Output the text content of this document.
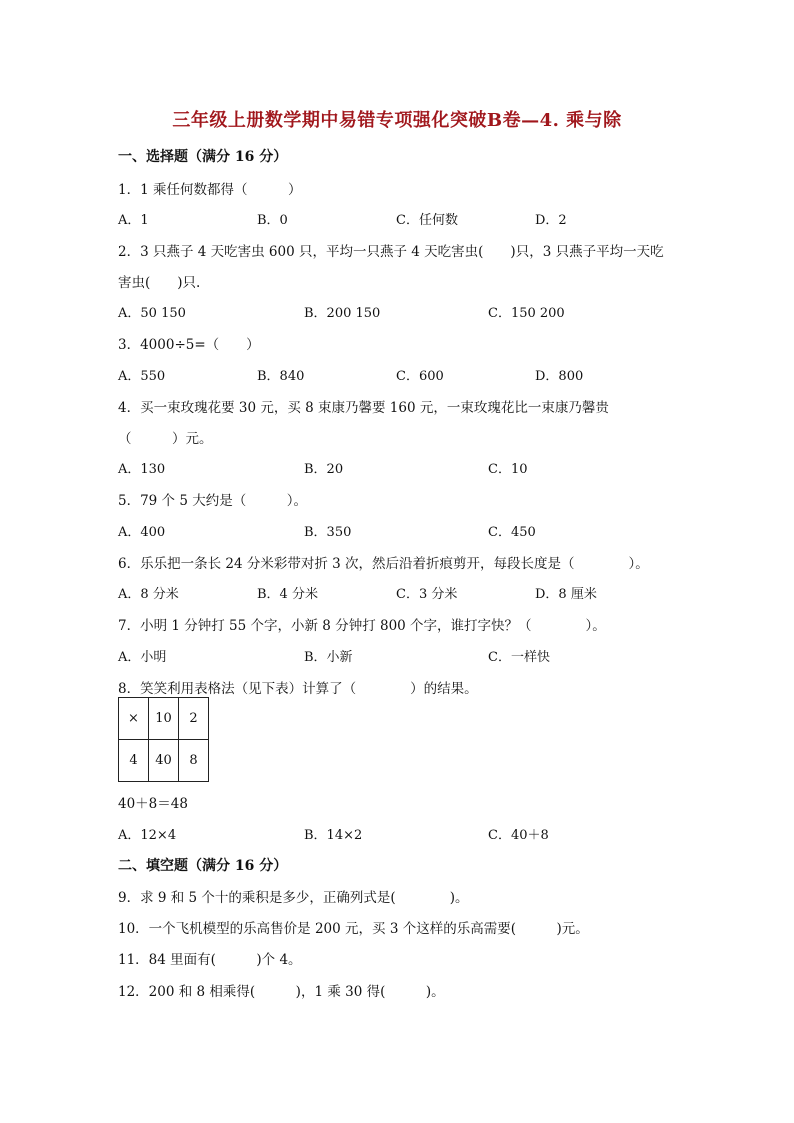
三年级上册数学期中易错专项强化突破B卷—4. 乘与除
一、选择题（满分 16 分）
1．1 乘任何数都得（　　　）
A．1	B．0	C．任何数	D．2
2．3 只燕子 4 天吃害虫 600 只，平均一只燕子 4 天吃害虫(　　)只，3 只燕子平均一天吃
害虫(　　)只.
A．50 150	B．200 150	C．150 200
3．4000÷5=（　　）
A．550	B．840	C．600	D．800
4．买一束玫瑰花要 30 元，买 8 束康乃馨要 160 元，一束玫瑰花比一束康乃馨贵
（　　　）元。
A．130	B．20	C．10
5．79 个 5 大约是（　　　）。
A．400	B．350	C．450
6．乐乐把一条长 24 分米彩带对折 3 次，然后沿着折痕剪开，每段长度是（　　　　）。
A．8 分米	B．4 分米	C．3 分米	D．8 厘米
7．小明 1 分钟打 55 个字，小新 8 分钟打 800 个字，谁打字快？（　　　　）。
A．小明	B．小新	C．一样快
8．笑笑利用表格法（见下表）计算了（　　　　）的结果。
×	10	2
4	40	8
40＋8＝48
A．12×4	B．14×2	C．40＋8
二、填空题（满分 16 分）
9．求 9 和 5 个十的乘积是多少，正确列式是(　　　　)。
10．一个飞机模型的乐高售价是 200 元，买 3 个这样的乐高需要(　　　)元。
11．84 里面有(　　　)个 4。
12．200 和 8 相乘得(　　　)，1 乘 30 得(　　　)。
